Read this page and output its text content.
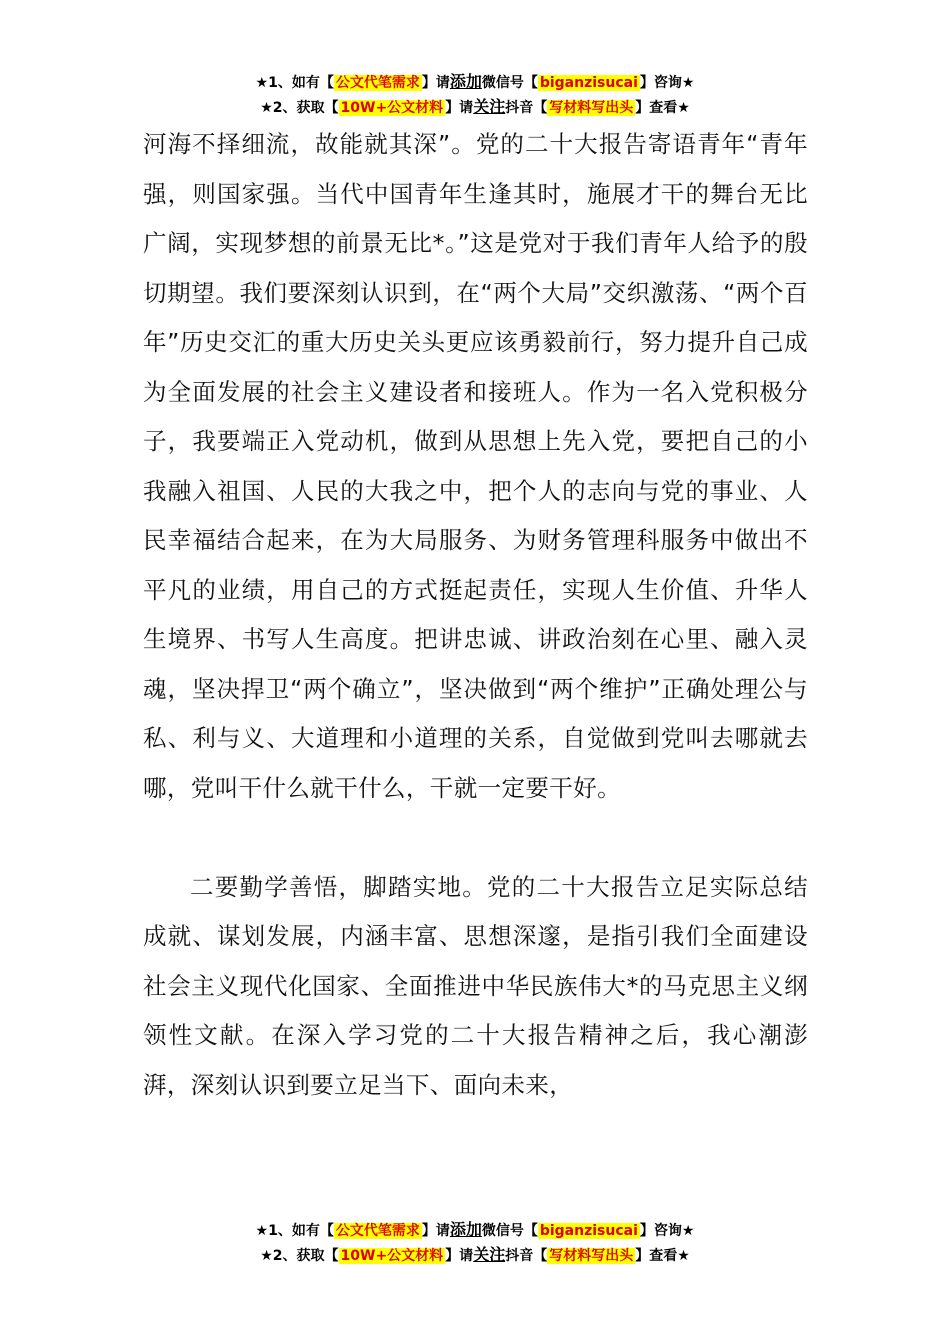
★1、如有【 公文代笔需求 】请添加微信号【 biganzisucai 】咨询★
★2、获取【 10W+公文材料 】请关注抖音【 写材料写出头 】查看★

河海不择细流，故能就其深”。党的二十大报告寄语青年“青年强，则国家强。当代中国青年生逢其时，施展才干的舞台无比广阔，实现梦想的前景无比*。”这是党对于我们青年人给予的殷切期望。我们要深刻认识到，在“两个大局”交织激荡、“两个百年”历史交汇的重大历史关头更应该勇毅前行，努力提升自己成为全面发展的社会主义建设者和接班人。作为一名入党积极分子，我要端正入党动机，做到从思想上先入党，要把自己的小我融入祖国、人民的大我之中，把个人的志向与党的事业、人民幸福结合起来，在为大局服务、为财务管理科服务中做出不平凡的业绩，用自己的方式挺起责任，实现人生价值、升华人生境界、书写人生高度。把讲忠诚、讲政治刻在心里、融入灵魂，坚决捍卫“两个确立”，坚决做到“两个维护”正确处理公与私、利与义、大道理和小道理的关系，自觉做到党叫去哪就去哪，党叫干什么就干什么，干就一定要干好。

二要勤学善悟，脚踏实地。党的二十大报告立足实际总结成就、谋划发展，内涵丰富、思想深邃，是指引我们全面建设社会主义现代化国家、全面推进中华民族伟大*的马克思主义纲领性文献。在深入学习党的二十大报告精神之后，我心潮澎湃，深刻认识到要立足当下、面向未来，

★1、如有【 公文代笔需求 】请添加微信号【 biganzisucai 】咨询★
★2、获取【 10W+公文材料 】请关注抖音【 写材料写出头 】查看★
